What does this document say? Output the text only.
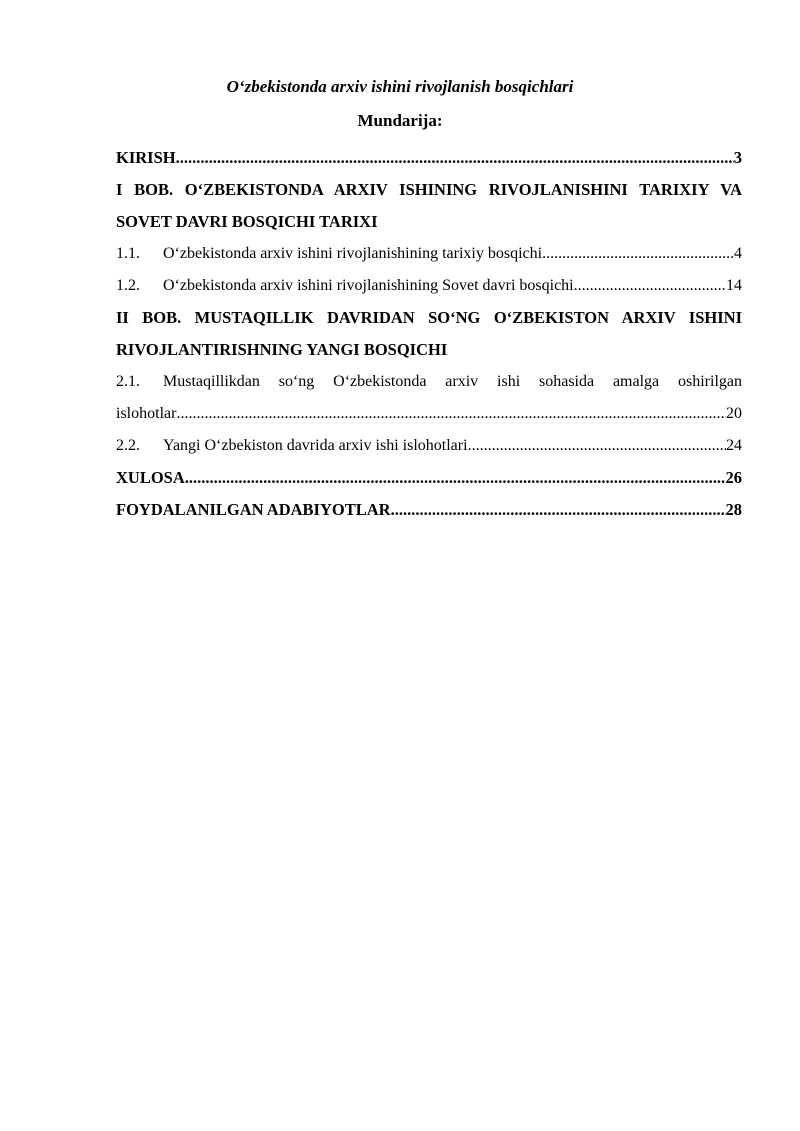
O‘zbekistonda arxiv ishini rivojlanish bosqichlari
Mundarija:
KIRISH .....	3
I BOB. O‘ZBEKISTONDA ARXIV ISHINING RIVOJLANISHINI TARIXIY VA SOVET DAVRI BOSQICHI TARIXI
1.1.	O‘zbekistonda arxiv ishini rivojlanishining tarixiy bosqichi .....	4
1.2.	O‘zbekistonda arxiv ishini rivojlanishining Sovet davri bosqichi .....	14
II BOB. MUSTAQILLIK DAVRIDAN SO‘NG O‘ZBEKISTON ARXIV ISHINI RIVOJLANTIRISHNING YANGI BOSQICHI
2.1.	Mustaqillikdan so‘ng O‘zbekistonda arxiv ishi sohasida amalga oshirilgan
islohotlar .....	20
2.2.	Yangi O‘zbekiston davrida arxiv ishi islohotlari .....	24
XULOSA .....	26
FOYDALANILGAN ADABIYOTLAR .....	28
